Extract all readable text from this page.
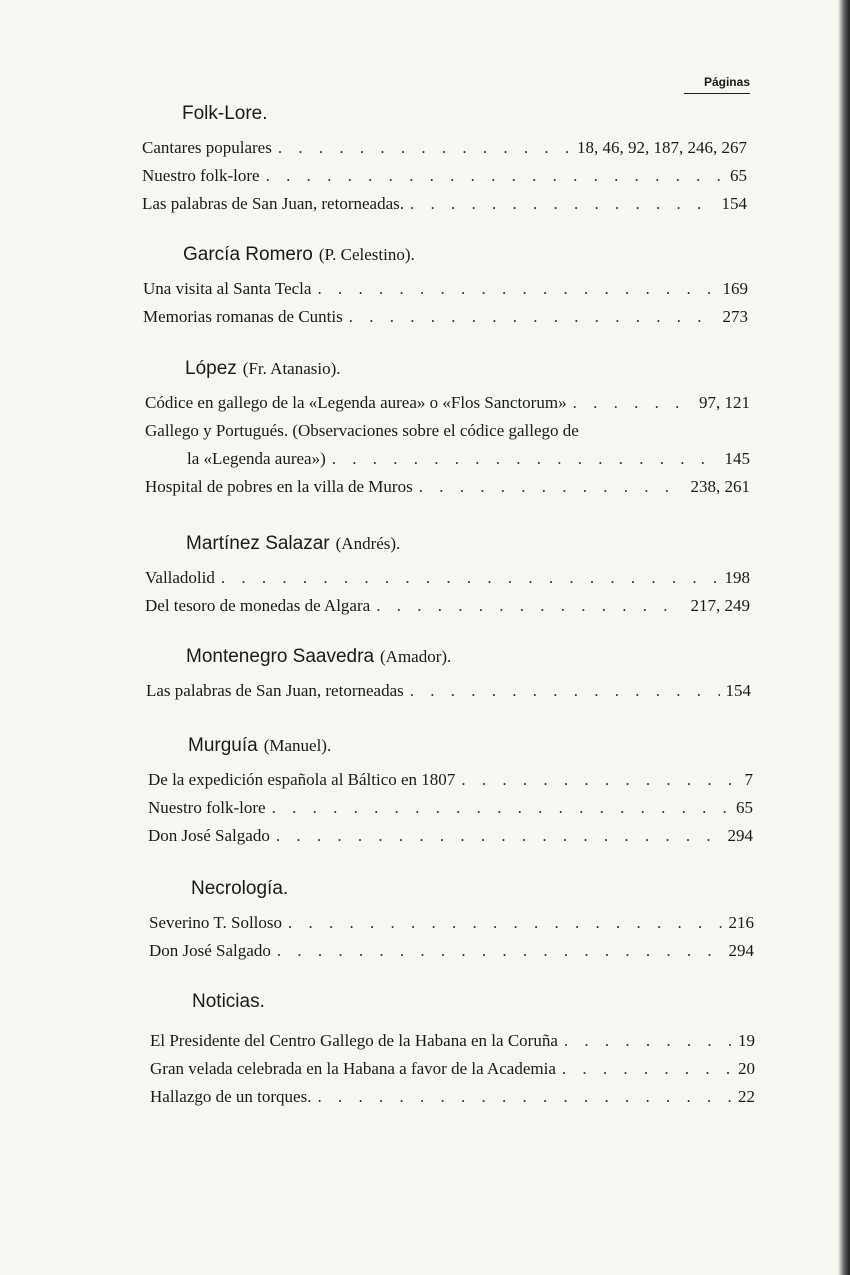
Páginas
Folk-Lore.
Cantares populares . . .	18, 46, 92, 187, 246, 267
Nuestro folk-lore . . .	65
Las palabras de San Juan, retorneadas. . . .	154
García Romero (P. Celestino).
Una visita al Santa Tecla . . .	169
Memorias romanas de Cuntis . . .	273
López (Fr. Atanasio).
Códice en gallego de la «Legenda aurea» o «Flos Sanctorum» . . .	97, 121
Gallego y Portugués. (Observaciones sobre el códice gallego de
la «Legenda aurea») . . .	145
Hospital de pobres en la villa de Muros . . .	238, 261
Martínez Salazar (Andrés).
Valladolid . . .	198
Del tesoro de monedas de Algara . . .	217, 249
Montenegro Saavedra (Amador).
Las palabras de San Juan, retorneadas . . .	154
Murguía (Manuel).
De la expedición española al Báltico en 1807 . . .	7
Nuestro folk-lore . . .	65
Don José Salgado . . .	294
Necrología.
Severino T. Solloso . . .	216
Don José Salgado . . .	294
Noticias.
El Presidente del Centro Gallego de la Habana en la Coruña . . .	19
Gran velada celebrada en la Habana a favor de la Academia . . .	20
Hallazgo de un torques. . . .	22
